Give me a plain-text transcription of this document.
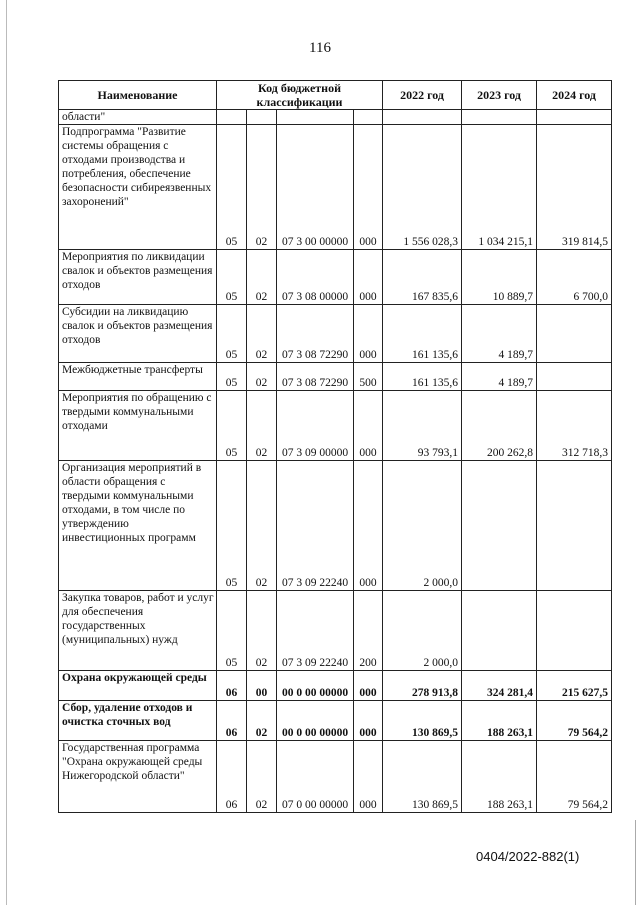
116
Наименование	Код бюджетной классификации				2022 год	2023 год	2024 год
области"							
Подпрограмма "Развитие системы обращения с отходами производства и потребления, обеспечение безопасности сибиреязвенных захоронений"	05	02	07 3 00 00000	000	1 556 028,3	1 034 215,1	319 814,5
Мероприятия по ликвидации свалок и объектов размещения отходов	05	02	07 3 08 00000	000	167 835,6	10 889,7	6 700,0
Субсидии на ликвидацию свалок и объектов размещения отходов	05	02	07 3 08 72290	000	161 135,6	4 189,7	
Межбюджетные трансферты	05	02	07 3 08 72290	500	161 135,6	4 189,7	
Мероприятия по обращению с твердыми коммунальными отходами	05	02	07 3 09 00000	000	93 793,1	200 262,8	312 718,3
Организация мероприятий в области обращения с твердыми коммунальными отходами, в том числе по утверждению инвестиционных программ	05	02	07 3 09 22240	000	2 000,0		
Закупка товаров, работ и услуг для обеспечения государственных (муниципальных) нужд	05	02	07 3 09 22240	200	2 000,0		
Охрана окружающей среды	06	00	00 0 00 00000	000	278 913,8	324 281,4	215 627,5
Сбор, удаление отходов и очистка сточных вод	06	02	00 0 00 00000	000	130 869,5	188 263,1	79 564,2
Государственная программа "Охрана окружающей среды Нижегородской области"	06	02	07 0 00 00000	000	130 869,5	188 263,1	79 564,2
0404/2022-882(1)
